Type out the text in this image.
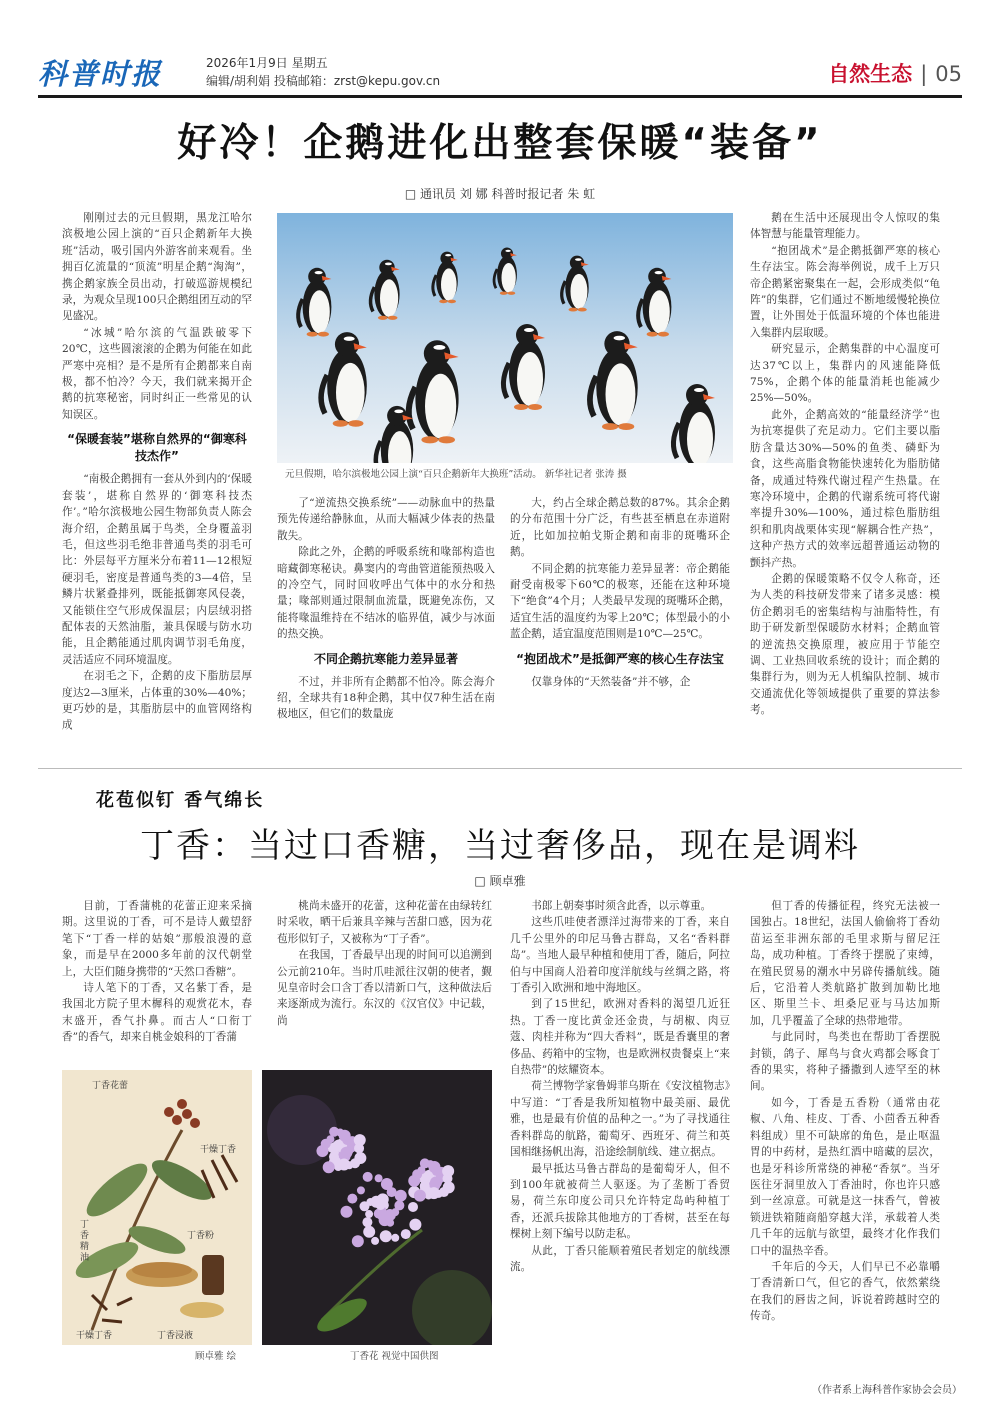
科普时报	2026年1月9日 星期五
编辑/胡利娟 投稿邮箱：zrst@kepu.gov.cn	自然生态 | 05
好冷！企鹅进化出整套保暖“装备”
□ 通讯员 刘 娜 科普时报记者 朱 虹

刚刚过去的元旦假期，黑龙江哈尔滨极地公园上演的“百只企鹅新年大换班”活动，吸引国内外游客前来观看。坐拥百亿流量的“顶流”明星企鹅“淘淘”，携企鹅家族全员出动，打破巡游规模纪录，为观众呈现100只企鹅组团互动的罕见盛况。

“冰城”哈尔滨的气温跌破零下20℃，这些圆滚滚的企鹅为何能在如此严寒中亮相？是不是所有企鹅都来自南极，都不怕冷？今天，我们就来揭开企鹅的抗寒秘密，同时纠正一些常见的认知误区。

“保暖套装”堪称自然界的“御寒科技杰作”

“南极企鹅拥有一套从外到内的‘保暖套装’，堪称自然界的‘御寒科技杰作’。”哈尔滨极地公园生物部负责人陈会海介绍，企鹅虽属于鸟类，全身覆盖羽毛，但这些羽毛绝非普通鸟类的羽毛可比：外层每平方厘米分布着11—12根短硬羽毛，密度是普通鸟类的3—4倍，呈鳞片状紧叠排列，既能抵御寒风侵袭，又能锁住空气形成保温层；内层绒羽搭配体表的天然油脂，兼具保暖与防水功能，且企鹅能通过肌肉调节羽毛角度，灵活适应不同环境温度。

在羽毛之下，企鹅的皮下脂肪层厚度达2—3厘米，占体重的30%—40%；更巧妙的是，其脂肪层中的血管网络构成

元旦假期，哈尔滨极地公园上演“百只企鹅新年大换班”活动。 新华社记者 张涛 摄

了“逆流热交换系统”——动脉血中的热量预先传递给静脉血，从而大幅减少体表的热量散失。

除此之外，企鹅的呼吸系统和喙部构造也暗藏御寒秘诀。鼻窦内的弯曲管道能预热吸入的冷空气，同时回收呼出气体中的水分和热量；喙部则通过限制血流量，既避免冻伤，又能将喙温维持在不结冰的临界值，减少与冰面的热交换。

不同企鹅抗寒能力差异显著

不过，并非所有企鹅都不怕冷。陈会海介绍，全球共有18种企鹅，其中仅7种生活在南极地区，但它们的数量庞

大，约占全球企鹅总数的87%。其余企鹅的分布范围十分广泛，有些甚至栖息在赤道附近，比如加拉帕戈斯企鹅和南非的斑嘴环企鹅。

不同企鹅的抗寒能力差异显著：帝企鹅能耐受南极零下60℃的极寒，还能在这种环境下“绝食”4个月；人类最早发现的斑嘴环企鹅，适宜生活的温度约为零上20℃；体型最小的小蓝企鹅，适宜温度范围则是10℃—25℃。

“抱团战术”是抵御严寒的核心生存法宝

仅靠身体的“天然装备”并不够，企

鹅在生活中还展现出令人惊叹的集体智慧与能量管理能力。

“抱团战术”是企鹅抵御严寒的核心生存法宝。陈会海举例说，成千上万只帝企鹅紧密聚集在一起，会形成类似“龟阵”的集群，它们通过不断地缓慢轮换位置，让外围处于低温环境的个体也能进入集群内层取暖。

研究显示，企鹅集群的中心温度可达37℃以上，集群内的风速能降低75%，企鹅个体的能量消耗也能减少25%—50%。

此外，企鹅高效的“能量经济学”也为抗寒提供了充足动力。它们主要以脂肪含量达30%—50%的鱼类、磷虾为食，这些高脂食物能快速转化为脂肪储备，成通过特殊代谢过程产生热量。在寒冷环境中，企鹅的代谢系统可将代谢率提升30%—100%，通过棕色脂肪组织和肌肉战栗体实现“解耦合性产热”，这种产热方式的效率远超普通运动物的颤抖产热。

企鹅的保暖策略不仅令人称奇，还为人类的科技研发带来了诸多灵感：模仿企鹅羽毛的密集结构与油脂特性，有助于研发新型保暖防水材料；企鹅血管的逆流热交换原理，被应用于节能空调、工业热回收系统的设计；而企鹅的集群行为，则为无人机编队控制、城市交通流优化等领域提供了重要的算法参考。

花苞似钉 香气绵长
丁香：当过口香糖，当过奢侈品，现在是调料
□ 顾卓雅

目前，丁香蒲桃的花蕾正迎来采摘期。这里说的丁香，可不是诗人戴望舒笔下“丁香一样的姑娘”那般浪漫的意象，而是早在2000多年前的汉代朝堂上，大臣们随身携带的“天然口香糖”。

诗人笔下的丁香，又名紫丁香，是我国北方院子里木樨科的观赏花木，春末盛开，香气扑鼻。而古人“口衔丁香”的香气，却来自桃金娘科的丁香蒲

桃尚未盛开的花蕾，这种花蕾在由绿转红时采收，晒干后兼具辛辣与苦甜口感，因为花苞形似钉子，又被称为“丁子香”。

在我国，丁香最早出现的时间可以追溯到公元前210年。当时爪哇派往汉朝的使者，觐见皇帝时会口含丁香以清新口气，这种做法后来逐渐成为流行。东汉的《汉官仪》中记载，尚

书郎上朝奏事时须含此香，以示尊重。

这些爪哇使者漂洋过海带来的丁香，来自几千公里外的印尼马鲁古群岛，又名“香料群岛”。当地人最早种植和使用丁香，随后，阿拉伯与中国商人沿着印度洋航线与丝绸之路，将丁香引入欧洲和地中海地区。

到了15世纪，欧洲对香料的渴望几近狂热。丁香一度比黄金还金贵，与胡椒、肉豆蔻、肉桂并称为“四大香料”，既是香囊里的奢侈品、药箱中的宝物，也是欧洲权贵餐桌上“来自热带”的炫耀资本。

荷兰博物学家鲁姆菲乌斯在《安汶植物志》中写道：“丁香是我所知植物中最美丽、最优雅，也是最有价值的品种之一。”为了寻找通往香料群岛的航路，葡萄牙、西班牙、荷兰和英国相继扬帆出海，沿途绘制航线、建立据点。

最早抵达马鲁古群岛的是葡萄牙人，但不到100年就被荷兰人驱逐。为了垄断丁香贸易，荷兰东印度公司只允许特定岛屿种植丁香，还派兵拔除其他地方的丁香树，甚至在每棵树上刻下编号以防走私。

从此，丁香只能顺着殖民者划定的航线漂流。

但丁香的传播征程，终究无法被一国独占。18世纪，法国人偷偷将丁香幼苗运至非洲东部的毛里求斯与留尼汪岛，成功种植。丁香终于摆脱了束缚，在殖民贸易的潮水中另辟传播航线。随后，它沿着人类航路扩散到加勒比地区、斯里兰卡、坦桑尼亚与马达加斯加，几乎覆盖了全球的热带地带。

与此同时，鸟类也在帮助丁香摆脱封锁，鸽子、犀鸟与食火鸡都会啄食丁香的果实，将种子播撒到人迹罕至的林间。

如今，丁香是五香粉（通常由花椒、八角、桂皮、丁香、小茴香五种香料组成）里不可缺席的角色，是止呕温胃的中药材，是热红酒中暗藏的层次，也是牙科诊所常绕的神秘“香氛”。当牙医往牙洞里放入丁香油时，你也许只感到一丝凉意。可就是这一抹香气，曾被锁进铁箱随商船穿越大洋，承载着人类几千年的远航与欲望，最终才化作我们口中的温热辛香。

千年后的今天，人们早已不必靠嚼丁香清新口气，但它的香气，依然萦绕在我们的唇齿之间，诉说着跨越时空的传奇。

丁香花蕾
干燥丁香
丁香精油
丁香粉
干燥丁香	丁香浸液
顾卓雅 绘	丁香花 视觉中国供图
（作者系上海科普作家协会会员）
